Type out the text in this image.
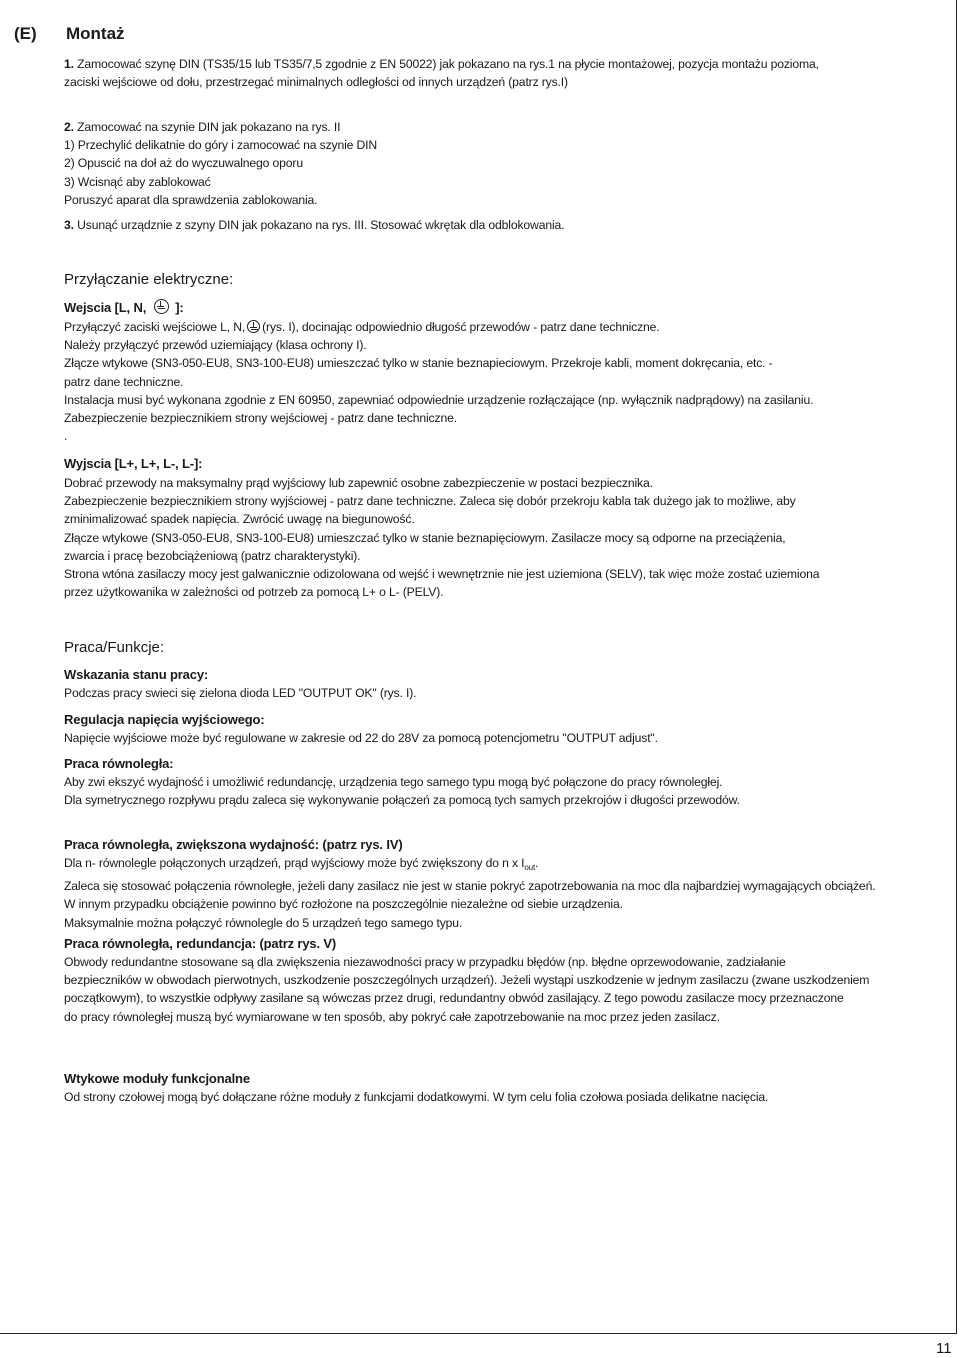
(E) Montaż

1. Zamocować szynę DIN (TS35/15 lub TS35/7,5 zgodnie z EN 50022) jak pokazano na rys.1 na płycie montażowej, pozycja montażu pozioma,

zaciski wejściowe od dołu, przestrzegać minimalnych odległości od innych urządzeń (patrz rys.I)

2. Zamocować na szynie DIN jak pokazano na rys. II

1) Przechylić delikatnie do góry i zamocować na szynie DIN

2) Opuscić na doł aż do wyczuwalnego oporu

3) Wcisnąć aby zablokować

Poruszyć aparat dla sprawdzenia zablokowania.

3. Usunąć urządznie z szyny DIN jak pokazano na rys. III. Stosować wkrętak dla odblokowania.

Przyłączanie elektryczne:

Wejscia [L, N, ]:

Przyłączyć zaciski wejściowe L, N, (rys. I), docinając odpowiednio długość przewodów - patrz dane techniczne.

Należy przyłączyć przewód uziemiający (klasa ochrony I).

Złącze wtykowe (SN3-050-EU8, SN3-100-EU8) umieszczać tylko w stanie beznapieciowym. Przekroje kabli, moment dokręcania, etc. -

patrz dane techniczne.

Instalacja musi być wykonana zgodnie z EN 60950, zapewniać odpowiednie urządzenie rozłączające (np. wyłącznik nadprądowy) na zasilaniu.

Zabezpieczenie bezpiecznikiem strony wejściowej - patrz dane techniczne.

.

Wyjscia [L+, L+, L-, L-]:

Dobrać przewody na maksymalny prąd wyjściowy lub zapewnić osobne zabezpieczenie w postaci bezpiecznika.

Zabezpieczenie bezpiecznikiem strony wyjściowej - patrz dane techniczne. Zaleca się dobór przekroju kabla tak dużego jak to możliwe, aby

zminimalizować spadek napięcia. Zwrócić uwagę na biegunowość.

Złącze wtykowe (SN3-050-EU8, SN3-100-EU8) umieszczać tylko w stanie beznapięciowym. Zasilacze mocy są odporne na przeciążenia,

zwarcia i pracę bezobciążeniową (patrz charakterystyki).

Strona wtóna zasilaczy mocy jest galwanicznie odizolowana od wejść i wewnętrznie nie jest uziemiona (SELV), tak więc może zostać uziemiona

przez użytkowanika w zależności od potrzeb za pomocą L+ o L- (PELV).

Praca/Funkcje:

Wskazania stanu pracy:

Podczas pracy swieci się zielona dioda LED "OUTPUT OK" (rys. I).

Regulacja napięcia wyjściowego:

Napięcie wyjściowe może być regulowane w zakresie od 22 do 28V za pomocą potencjometru "OUTPUT adjust".

Praca równoległa:

Aby zwi ekszyć wydajność i umożliwić redundancję, urządzenia tego samego typu mogą być połączone do pracy równoległej.

Dla symetrycznego rozpływu prądu zaleca się wykonywanie połączeń za pomocą tych samych przekrojów i długości przewodów.

Praca równoległa, zwiększona wydajność: (patrz rys. IV)

Dla n- równolegle połączonych urządzeń, prąd wyjściowy może być zwiększony do n x $I_{out}$.

Zaleca się stosować połączenia równoległe, jeżeli dany zasilacz nie jest w stanie pokryć zapotrzebowania na moc dla najbardziej wymagających obciążeń.

W innym przypadku obciążenie powinno być rozłożone na poszczególnie niezależne od siebie urządzenia.

Maksymalnie można połączyć równolegle do 5 urządzeń tego samego typu.

Praca równoległa, redundancja: (patrz rys. V)

Obwody redundantne stosowane są dla zwiększenia niezawodności pracy w przypadku błędów (np. błędne oprzewodowanie, zadziałanie

bezpieczników w obwodach pierwotnych, uszkodzenie poszczególnych urządzeń). Jeżeli wystąpi uszkodzenie w jednym zasilaczu (zwane uszkodzeniem

początkowym), to wszystkie odpływy zasilane są wówczas przez drugi, redundantny obwód zasilający. Z tego powodu zasilacze mocy przeznaczone

do pracy równoległej muszą być wymiarowane w ten sposób, aby pokryć całe zapotrzebowanie na moc przez jeden zasilacz.

Wtykowe moduły funkcjonalne

Od strony czołowej mogą być dołączane różne moduły z funkcjami dodatkowymi. W tym celu folia czołowa posiada delikatne nacięcia.

11
